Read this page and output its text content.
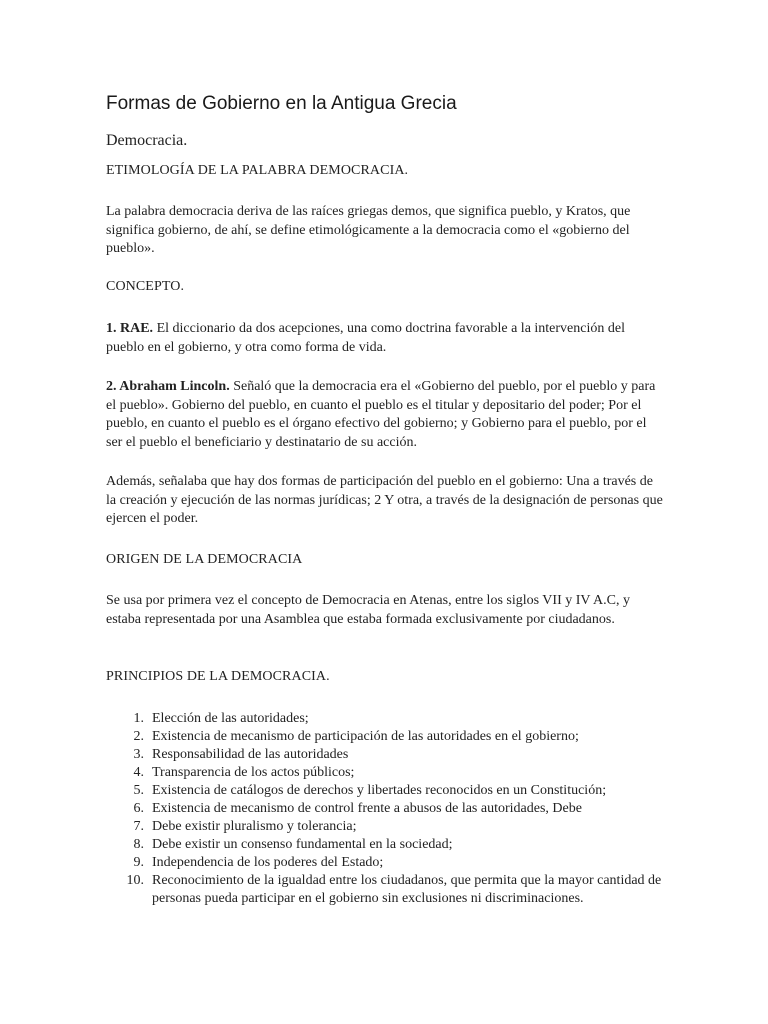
Formas de Gobierno en la Antigua Grecia
Democracia.
ETIMOLOGÍA DE LA PALABRA DEMOCRACIA.
La palabra democracia deriva de las raíces griegas demos, que significa pueblo, y Kratos, que significa gobierno, de ahí, se define etimológicamente a la democracia como el «gobierno del pueblo».
CONCEPTO.
1. RAE. El diccionario da dos acepciones, una como doctrina favorable a la intervención del pueblo en el gobierno, y otra como forma de vida.
2. Abraham Lincoln. Señaló que la democracia era el «Gobierno del pueblo, por el pueblo y para el pueblo». Gobierno del pueblo, en cuanto el pueblo es el titular y depositario del poder; Por el pueblo, en cuanto el pueblo es el órgano efectivo del gobierno; y Gobierno para el pueblo, por el ser el pueblo el beneficiario y destinatario de su acción.
Además, señalaba que hay dos formas de participación del pueblo en el gobierno: Una a través de la creación y ejecución de las normas jurídicas; 2 Y otra, a través de la designación de personas que ejercen el poder.
ORIGEN DE LA DEMOCRACIA
Se usa por primera vez el concepto de Democracia en Atenas, entre los siglos VII y IV A.C, y estaba representada por una Asamblea que estaba formada exclusivamente por ciudadanos.
PRINCIPIOS DE LA DEMOCRACIA.
1. Elección de las autoridades;
2. Existencia de mecanismo de participación de las autoridades en el gobierno;
3. Responsabilidad de las autoridades
4. Transparencia de los actos públicos;
5. Existencia de catálogos de derechos y libertades reconocidos en un Constitución;
6. Existencia de mecanismo de control frente a abusos de las autoridades, Debe
7. Debe existir pluralismo y tolerancia;
8. Debe existir un consenso fundamental en la sociedad;
9. Independencia de los poderes del Estado;
10. Reconocimiento de la igualdad entre los ciudadanos, que permita que la mayor cantidad de personas pueda participar en el gobierno sin exclusiones ni discriminaciones.
